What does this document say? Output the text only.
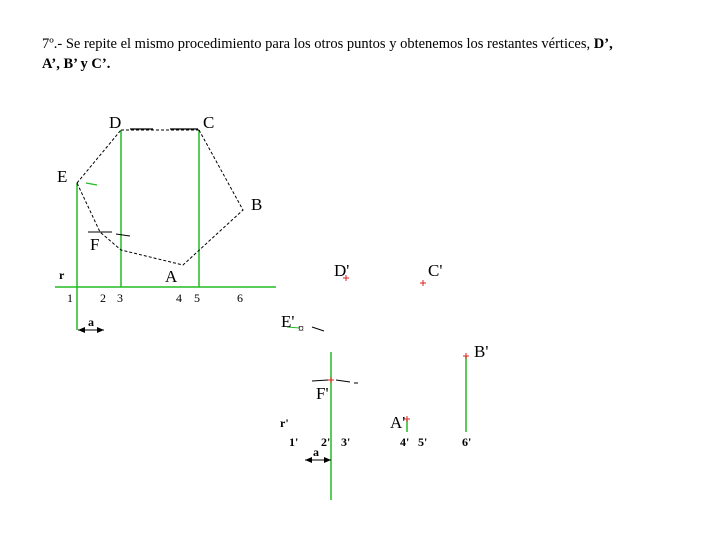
7º.- Se repite el mismo procedimiento para los otros puntos y obtenemos los restantes vértices, D’,
A’, B’ y C’.

D	C
E
B
F
A
r
1 2 3	4 5	6
a	¤
D'	C'
E'
B'
F'
A'
r'
1' 2' 3'	4' 5'	6'
a
